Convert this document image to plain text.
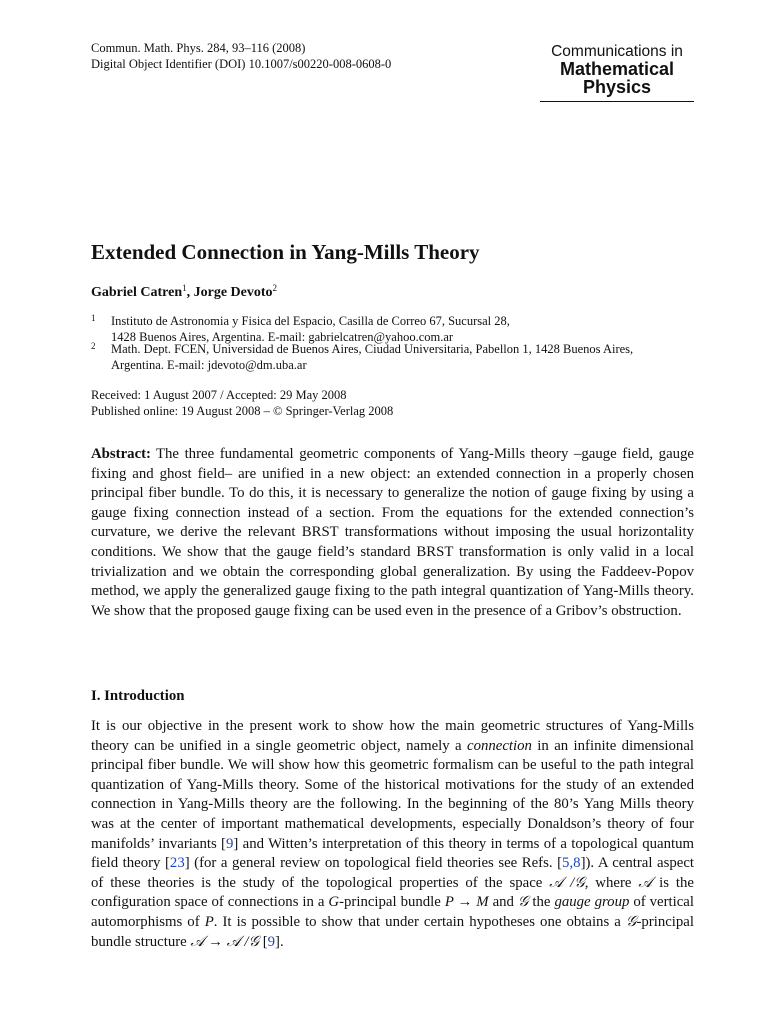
Commun. Math. Phys. 284, 93–116 (2008)
Digital Object Identifier (DOI) 10.1007/s00220-008-0608-0
Communications in
Mathematical
Physics
Extended Connection in Yang-Mills Theory
Gabriel Catren$^1$, Jorge Devoto$^2$
1	Instituto de Astronomia y Fisica del Espacio, Casilla de Correo 67, Sucursal 28,
1428 Buenos Aires, Argentina. E-mail: gabrielcatren@yahoo.com.ar
2	Math. Dept. FCEN, Universidad de Buenos Aires, Ciudad Universitaria, Pabellon 1, 1428 Buenos Aires,
Argentina. E-mail: jdevoto@dm.uba.ar
Received: 1 August 2007 / Accepted: 29 May 2008
Published online: 19 August 2008 – © Springer-Verlag 2008
Abstract: The three fundamental geometric components of Yang-Mills theory –gauge field, gauge fixing and ghost field– are unified in a new object: an extended connection in a properly chosen principal fiber bundle. To do this, it is necessary to generalize the notion of gauge fixing by using a gauge fixing connection instead of a section. From the equations for the extended connection’s curvature, we derive the relevant BRST transformations without imposing the usual horizontality conditions. We show that the gauge field’s standard BRST transformation is only valid in a local trivialization and we obtain the corresponding global generalization. By using the Faddeev-Popov method, we apply the generalized gauge fixing to the path integral quantization of Yang-Mills theory. We show that the proposed gauge fixing can be used even in the presence of a Gribov’s obstruction.
I. Introduction
It is our objective in the present work to show how the main geometric structures of Yang-Mills theory can be unified in a single geometric object, namely a connection in an infinite dimensional principal fiber bundle. We will show how this geometric formalism can be useful to the path integral quantization of Yang-Mills theory. Some of the historical motivations for the study of an extended connection in Yang-Mills theory are the following. In the beginning of the 80’s Yang Mills theory was at the center of important mathematical developments, especially Donaldson’s theory of four manifolds’ invariants [9] and Witten’s interpretation of this theory in terms of a topological quantum field theory [23] (for a general review on topological field theories see Refs. [5,8]). A central aspect of these theories is the study of the topological properties of the space 𝒜 /𝒢, where 𝒜 is the configuration space of connections in a G-principal bundle P → M and 𝒢 the gauge group of vertical automorphisms of P. It is possible to show that under certain hypotheses one obtains a 𝒢-principal bundle structure 𝒜 → 𝒜 /𝒢 [9].
